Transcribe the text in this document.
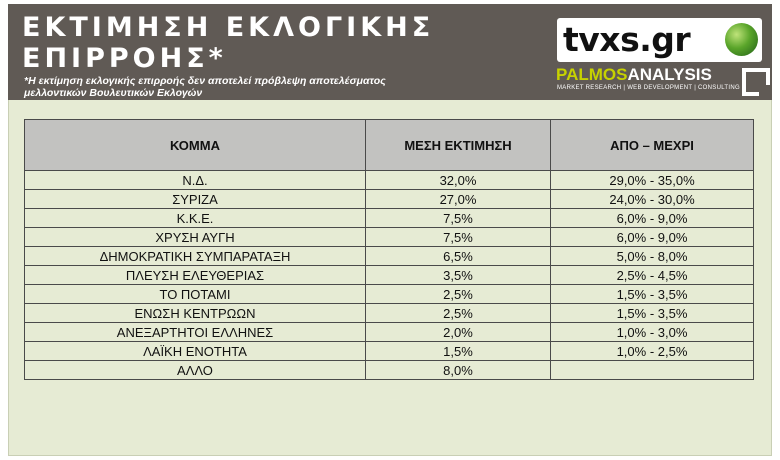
ΕΚΤΙΜΗΣΗ ΕΚΛΟΓΙΚΗΣ
ΕΠΙΡΡΟΗΣ*
*Η εκτίμηση εκλογικής επιρροής δεν αποτελεί πρόβλεψη αποτελέσματος
μελλοντικών Βουλευτικών Εκλογών
tvxs.gr
PALMOSANALYSIS
MARKET RESEARCH | WEB DEVELOPMENT | CONSULTING
ΚΟΜΜΑ	ΜΕΣΗ ΕΚΤΙΜΗΣΗ	ΑΠΟ – ΜΕΧΡΙ
Ν.Δ.	32,0%	29,0% - 35,0%
ΣΥΡΙΖΑ	27,0%	24,0% - 30,0%
Κ.Κ.Ε.	7,5%	6,0% - 9,0%
ΧΡΥΣΗ ΑΥΓΗ	7,5%	6,0% - 9,0%
ΔΗΜΟΚΡΑΤΙΚΗ ΣΥΜΠΑΡΑΤΑΞΗ	6,5%	5,0% - 8,0%
ΠΛΕΥΣΗ ΕΛΕΥΘΕΡΙΑΣ	3,5%	2,5% - 4,5%
ΤΟ ΠΟΤΑΜΙ	2,5%	1,5% - 3,5%
ΕΝΩΣΗ ΚΕΝΤΡΩΩΝ	2,5%	1,5% - 3,5%
ΑΝΕΞΑΡΤΗΤΟΙ ΕΛΛΗΝΕΣ	2,0%	1,0% - 3,0%
ΛΑΪΚΗ ΕΝΟΤΗΤΑ	1,5%	1,0% - 2,5%
ΑΛΛΟ	8,0%	
